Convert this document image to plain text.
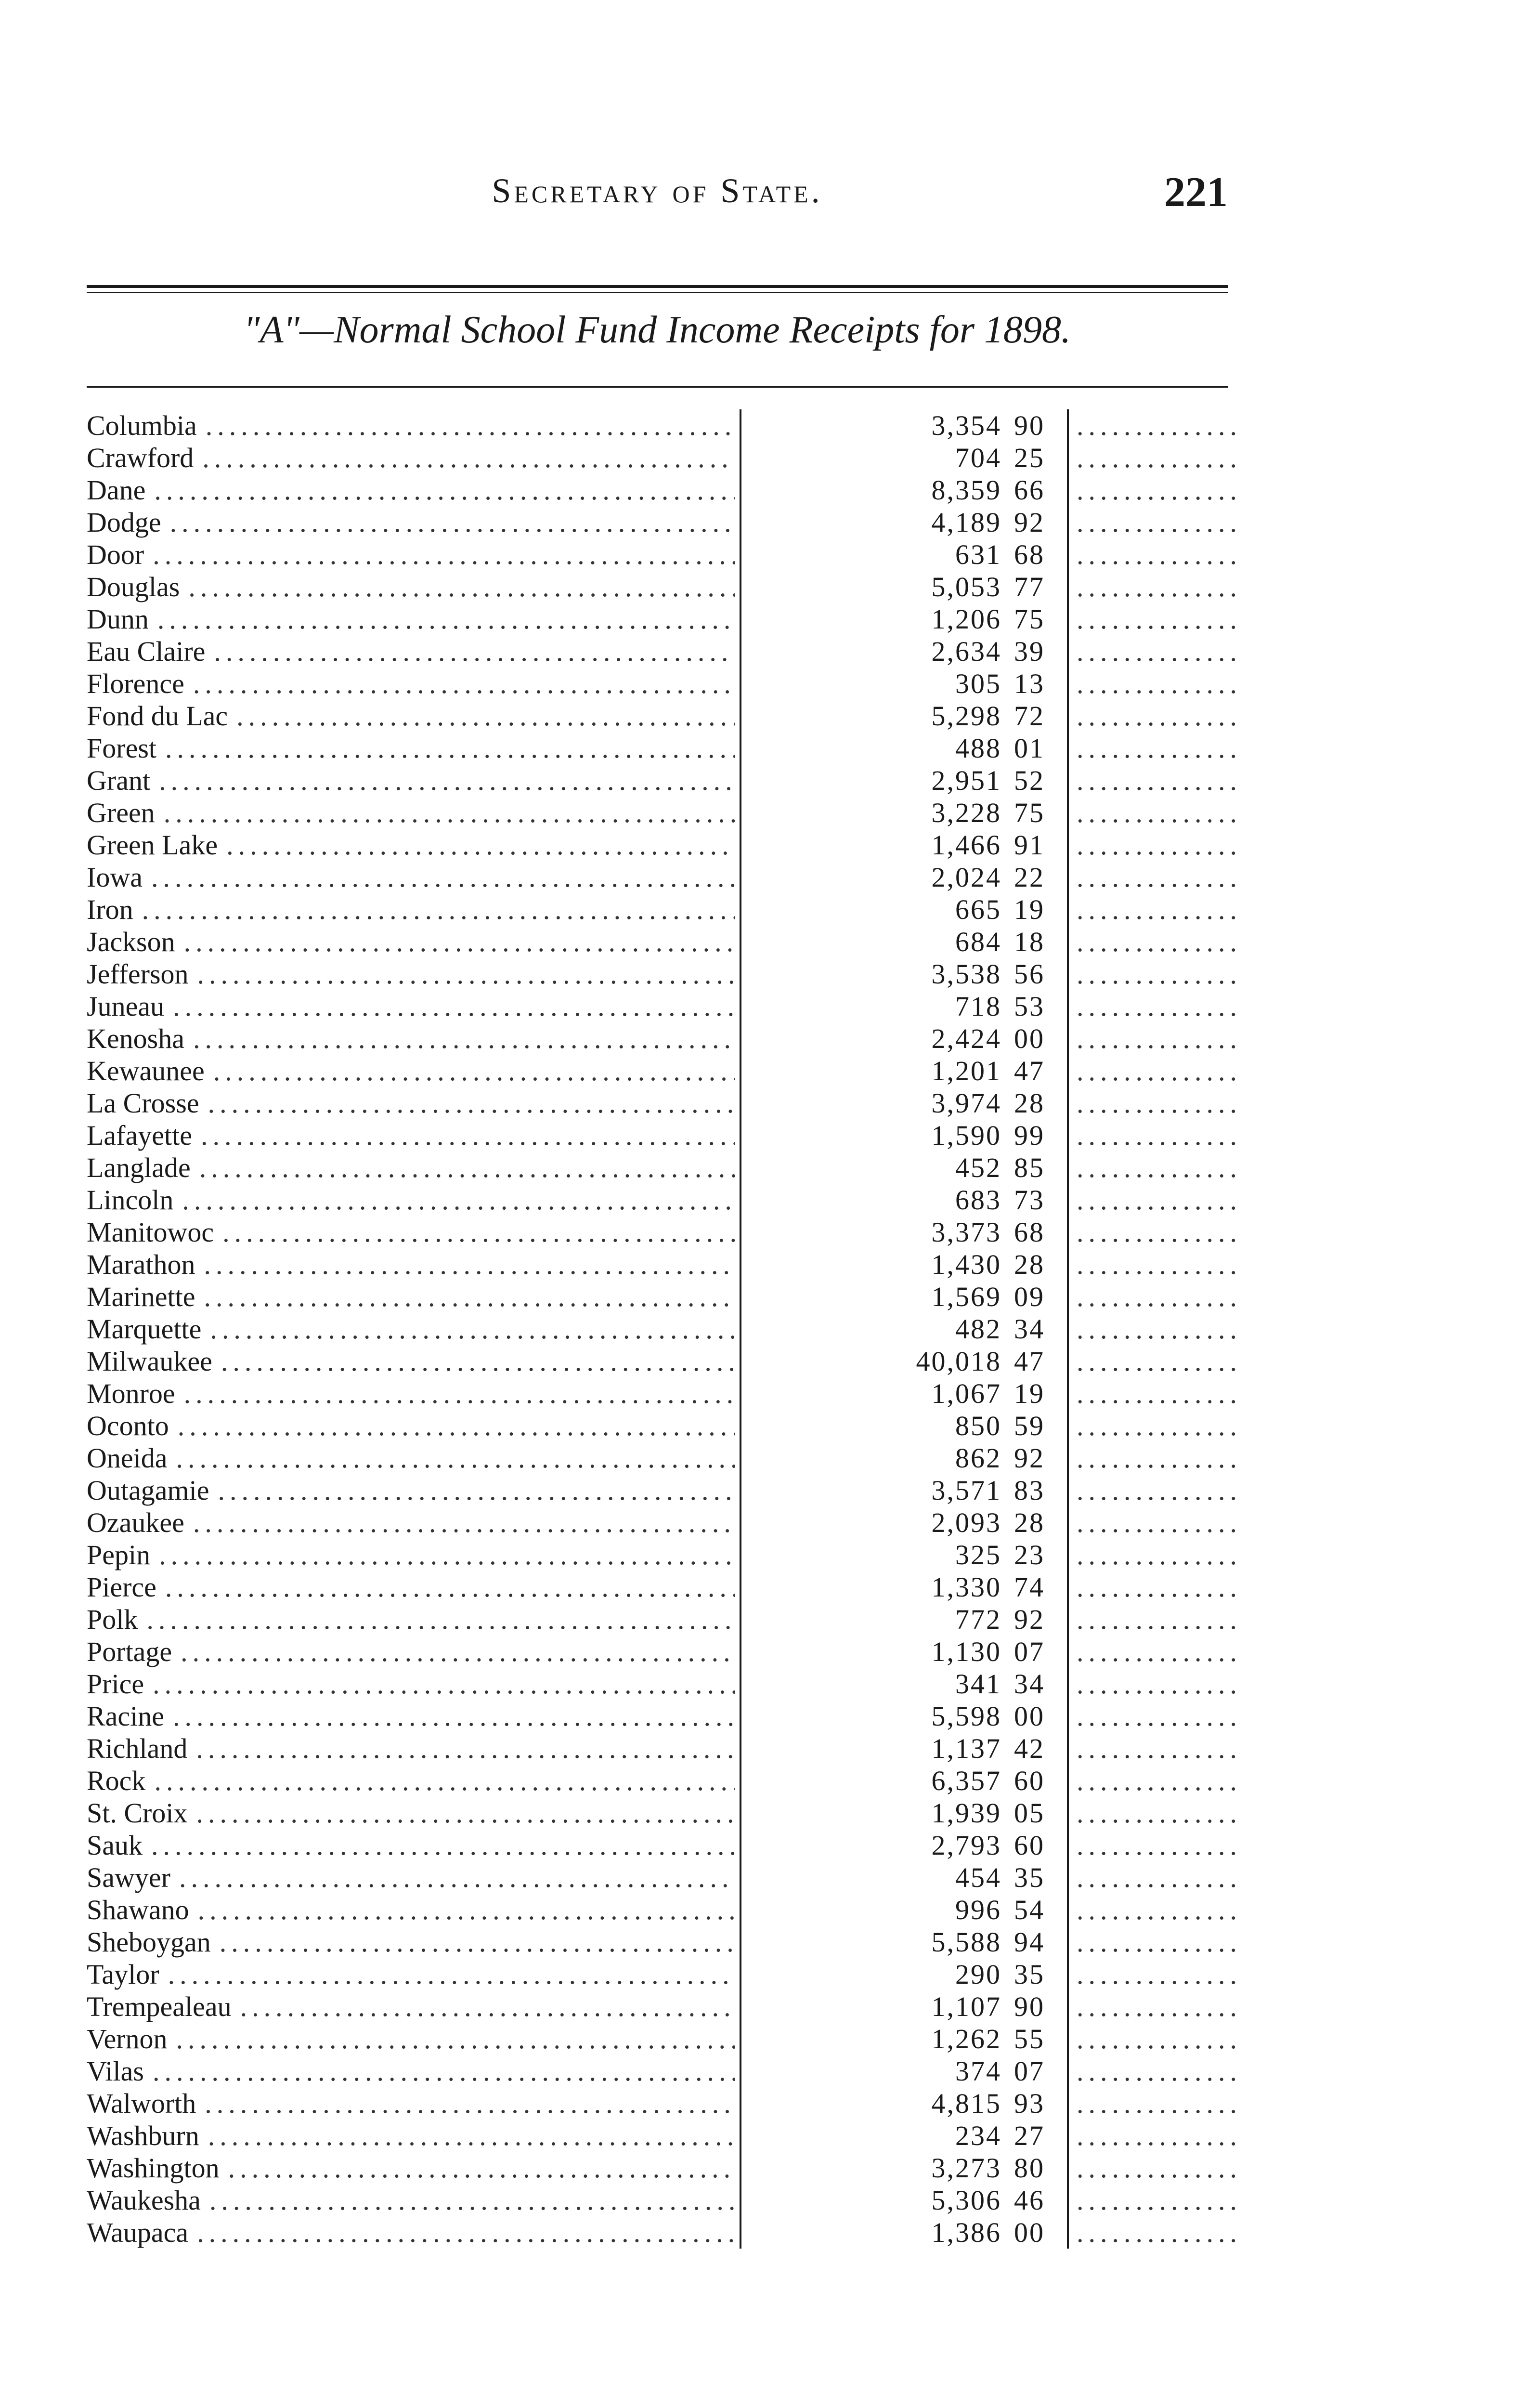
Secretary of State.	221
"A"—Normal School Fund Income Receipts for 1898.
Columbia .....	3,354 90
.....
Crawford .....	704 25
.....
Dane .....	8,359 66
.....
Dodge .....	4,189 92
.....
Door .....	631 68
.....
Douglas .....	5,053 77
.....
Dunn .....	1,206 75
.....
Eau Claire .....	2,634 39
.....
Florence .....	305 13
.....
Fond du Lac .....	5,298 72
.....
Forest .....	488 01
.....
Grant .....	2,951 52
.....
Green .....	3,228 75
.....
Green Lake .....	1,466 91
.....
Iowa .....	2,024 22
.....
Iron .....	665 19
.....
Jackson .....	684 18
.....
Jefferson .....	3,538 56
.....
Juneau .....	718 53
.....
Kenosha .....	2,424 00
.....
Kewaunee .....	1,201 47
.....
La Crosse .....	3,974 28
.....
Lafayette .....	1,590 99
.....
Langlade .....	452 85
.....
Lincoln .....	683 73
.....
Manitowoc .....	3,373 68
.....
Marathon .....	1,430 28
.....
Marinette .....	1,569 09
.....
Marquette .....	482 34
.....
Milwaukee .....	40,018 47
.....
Monroe .....	1,067 19
.....
Oconto .....	850 59
.....
Oneida .....	862 92
.....
Outagamie .....	3,571 83
.....
Ozaukee .....	2,093 28
.....
Pepin .....	325 23
.....
Pierce .....	1,330 74
.....
Polk .....	772 92
.....
Portage .....	1,130 07
.....
Price .....	341 34
.....
Racine .....	5,598 00
.....
Richland .....	1,137 42
.....
Rock .....	6,357 60
.....
St. Croix .....	1,939 05
.....
Sauk .....	2,793 60
.....
Sawyer .....	454 35
.....
Shawano .....	996 54
.....
Sheboygan .....	5,588 94
.....
Taylor .....	290 35
.....
Trempealeau .....	1,107 90
.....
Vernon .....	1,262 55
.....
Vilas .....	374 07
.....
Walworth .....	4,815 93
.....
Washburn .....	234 27
.....
Washington .....	3,273 80
.....
Waukesha .....	5,306 46
.....
Waupaca .....	1,386 00
.....
